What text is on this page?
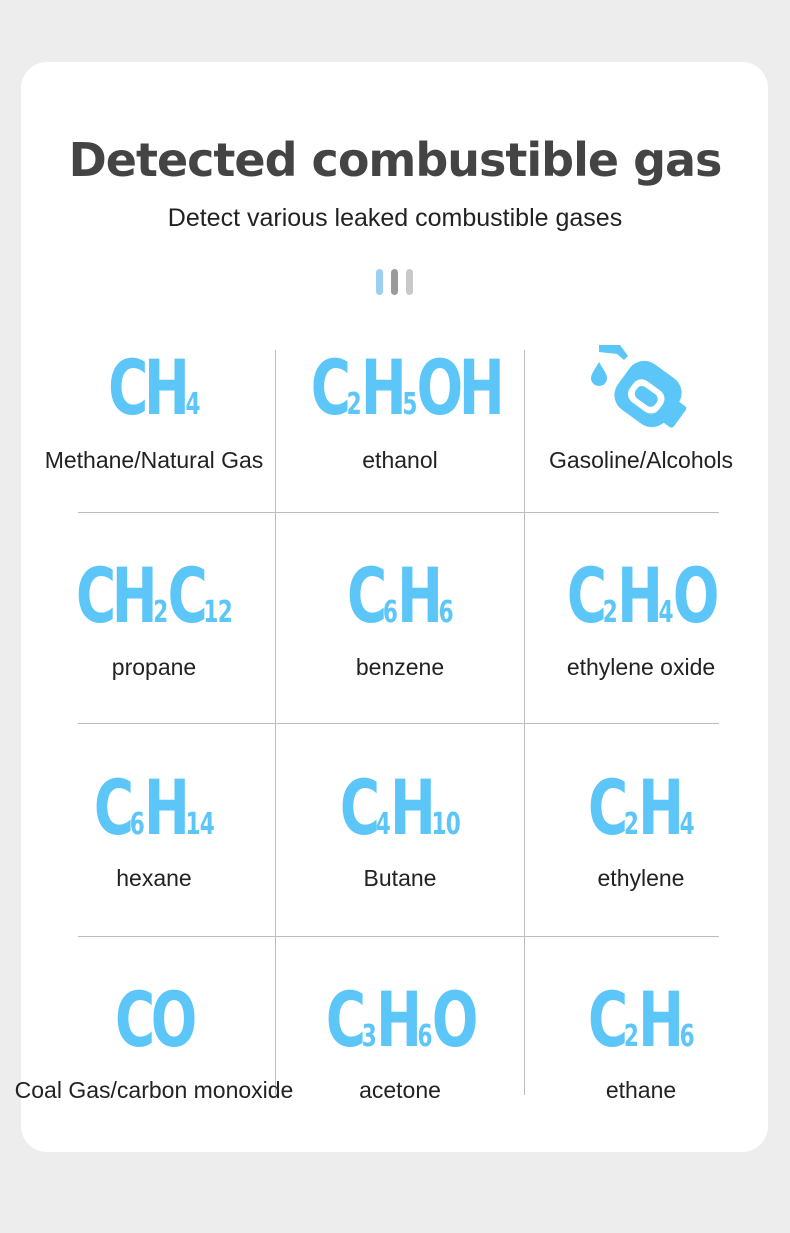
Detected combustible gas
Detect various leaked combustible gases
CH4
Methane/Natural Gas
C2H5OH
ethanol	Gasoline/Alcohols
CH2C12
propane
C6H6
benzene
C2H4O
ethylene oxide
C6H14
hexane
C4H10
Butane
C2H4
ethylene
CO
Coal Gas/carbon monoxide
C3H6O
acetone
C2H6
ethane
